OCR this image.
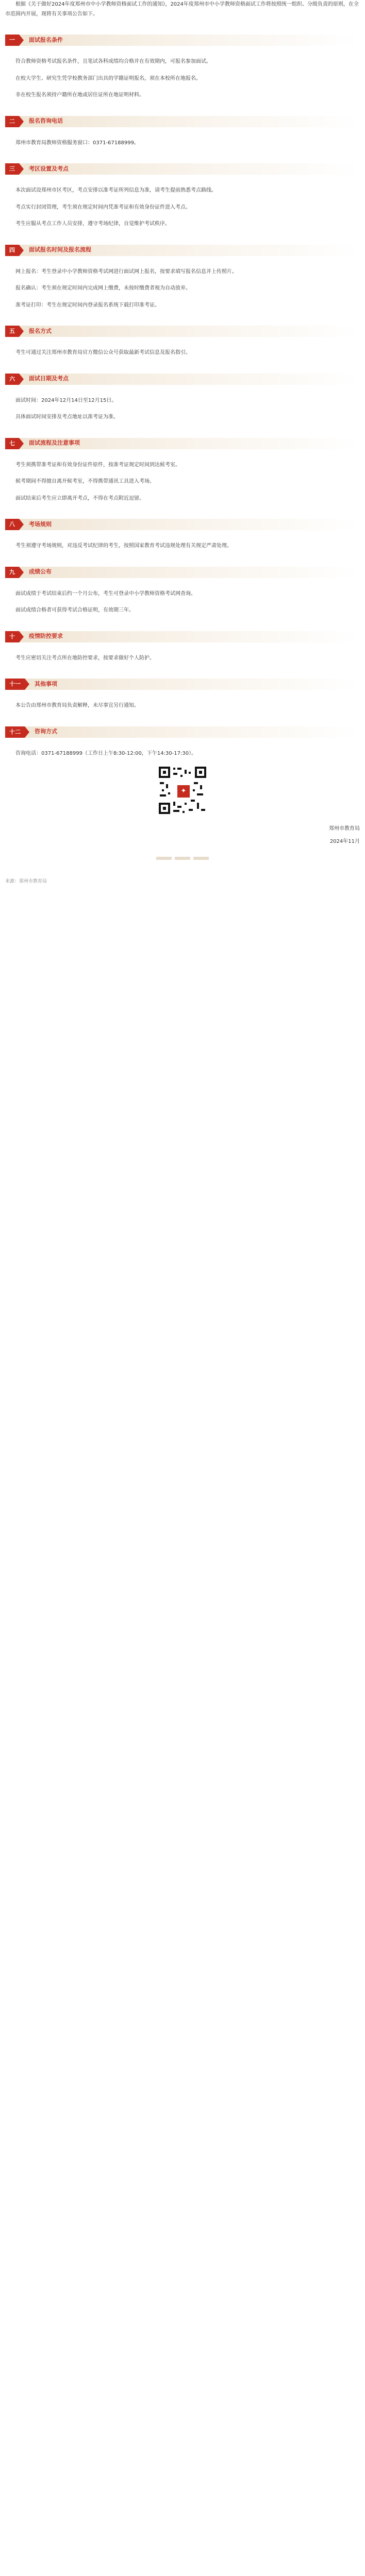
根据《关于做好2024年度郑州市中小学教师资格面试工作的通知》，2024年度郑州市中小学教师资格面试工作将按照统一组织、分级负责的原则，在全市范围内开展，现将有关事项公告如下。

一	面试报名条件

符合教师资格考试报名条件，且笔试各科成绩均合格并在有效期内，可报名参加面试。

在校大学生、研究生凭学校教务部门出具的学籍证明报名，须在本校所在地报名。

非在校生报名须持户籍所在地或居住证所在地证明材料。

二	报名咨询电话

郑州市教育局教师资格服务窗口：0371-67188999。

三	考区设置及考点

本次面试设郑州市区考区，考点安排以准考证所列信息为准，请考生提前熟悉考点路线。

考点实行封闭管理，考生须在规定时间内凭准考证和有效身份证件进入考点。

考生应服从考点工作人员安排，遵守考场纪律，自觉维护考试秩序。

四	面试报名时间及报名流程

网上报名：考生登录中小学教师资格考试网进行面试网上报名，按要求填写报名信息并上传照片。

报名确认：考生须在规定时间内完成网上缴费，未按时缴费者视为自动放弃。

准考证打印：考生在规定时间内登录报名系统下载打印准考证。

五	报名方式

考生可通过关注郑州市教育局官方微信公众号获取最新考试信息及报名指引。

六	面试日期及考点

面试时间：2024年12月14日至12月15日。

具体面试时间安排及考点地址以准考证为准。

七	面试流程及注意事项

考生须携带准考证和有效身份证件原件，按准考证规定时间到达候考室。

候考期间不得擅自离开候考室，不得携带通讯工具进入考场。

面试结束后考生应立即离开考点，不得在考点附近逗留。

八	考场规则

考生须遵守考场规则，对违反考试纪律的考生，按照国家教育考试违规处理有关规定严肃处理。

九	成绩公布

面试成绩于考试结束后约一个月公布，考生可登录中小学教师资格考试网查询。

面试成绩合格者可获得考试合格证明，有效期三年。

十	疫情防控要求

考生应密切关注考点所在地防控要求，按要求做好个人防护。

十一	其他事项

本公告由郑州市教育局负责解释，未尽事宜另行通知。

十二	咨询方式

咨询电话：0371-67188999（工作日上午8:30-12:00，下午14:30-17:30）。

✦

郑州市教育局

2024年11月

来源：郑州市教育局
